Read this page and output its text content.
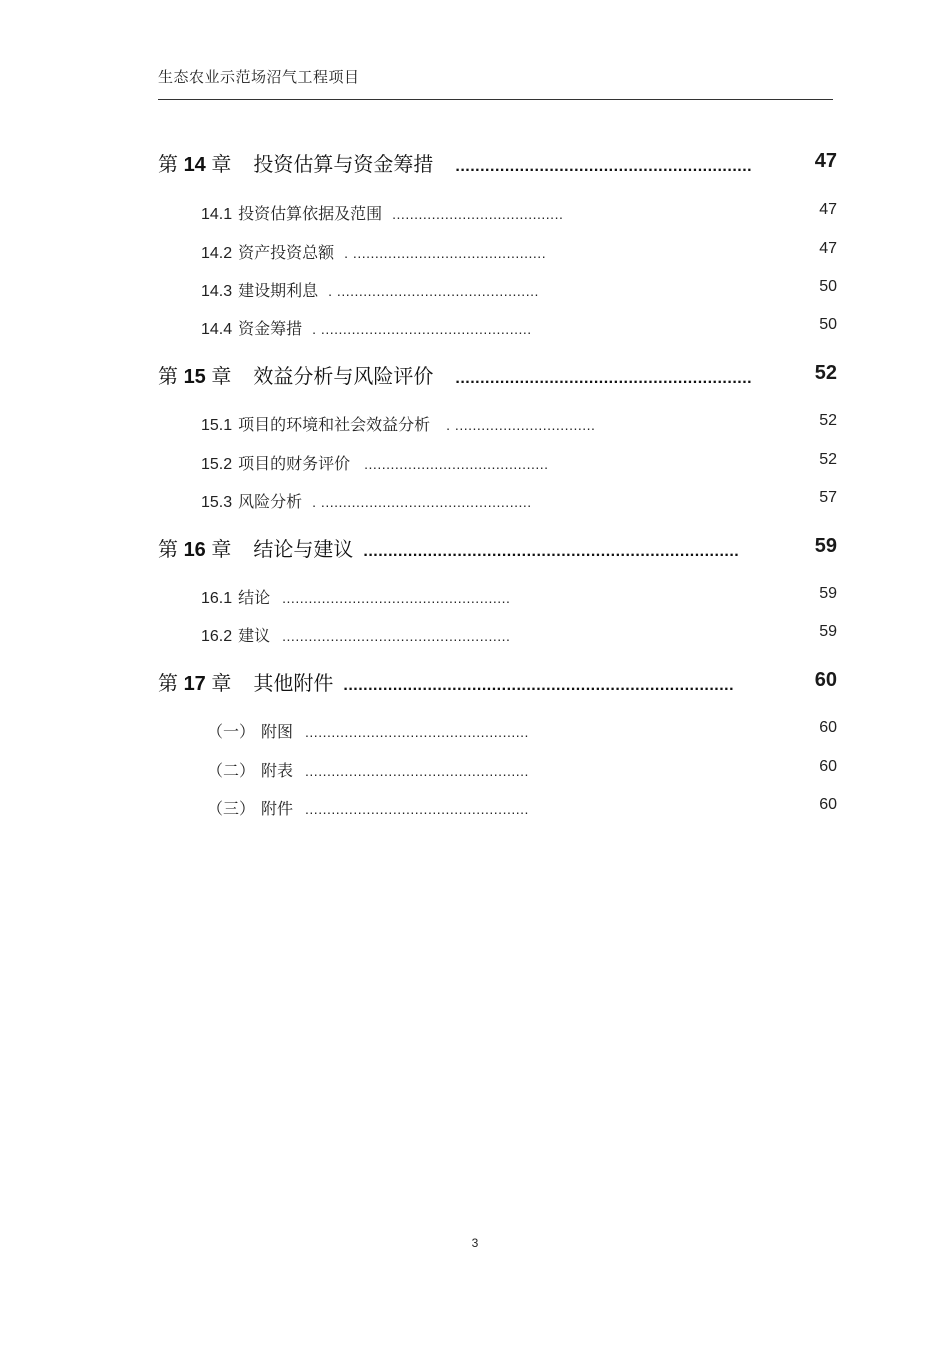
生态农业示范场沼气工程项目
第 14 章 投资估算与资金筹措 ............................................................	47
14.1 投资估算依据及范围 .......................................	47
14.2 资产投资总额 . ............................................	47
14.3 建设期利息 . ..............................................	50
14.4 资金筹措 . ................................................	50
第 15 章 效益分析与风险评价 ............................................................	52
15.1 项目的环境和社会效益分析 . ................................	52
15.2 项目的财务评价 ..........................................	52
15.3 风险分析 . ................................................	57
第 16 章 结论与建议 ............................................................................	59
16.1 结论 ....................................................	59
16.2 建议 ....................................................	59
第 17 章 其他附件 ...............................................................................	60
（一） 附图 ...................................................	60
（二） 附表 ...................................................	60
（三） 附件 ...................................................	60
3
